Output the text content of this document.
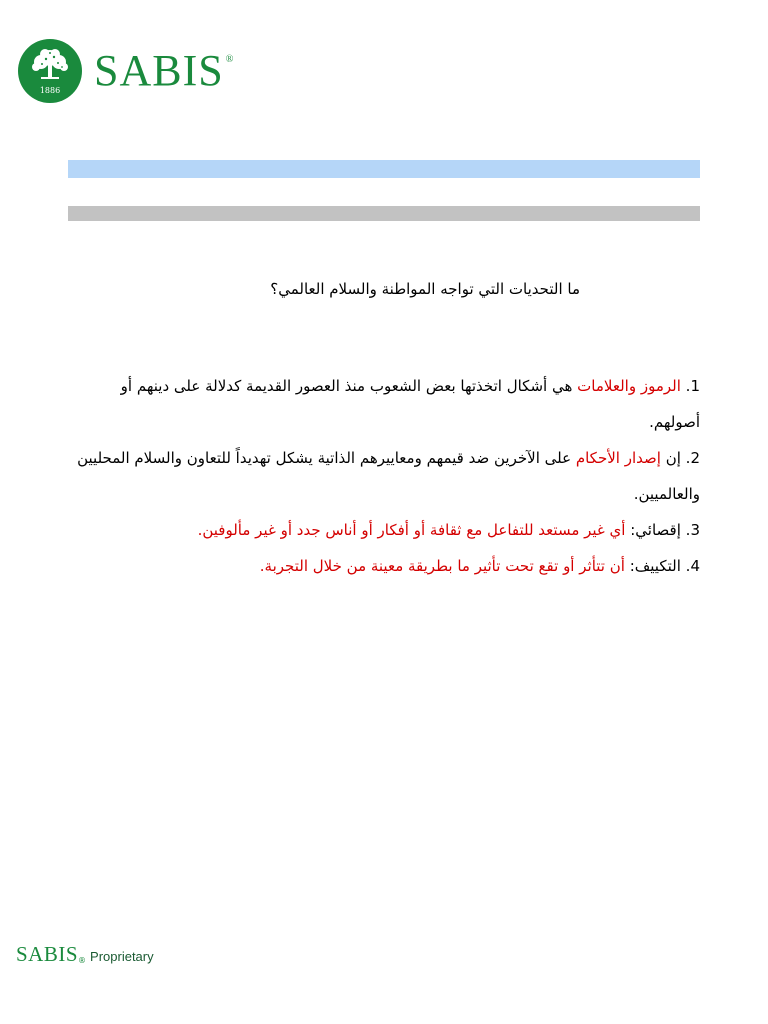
1886 SABIS ®
ما التحديات التي تواجه المواطنة والسلام العالمي؟

1. الرموز والعلامات هي أشكال اتخذتها بعض الشعوب منذ العصور القديمة كدلالة على دينهم أو أصولهم.

2. إن إصدار الأحكام على الآخرين ضد قيمهم ومعاييرهم الذاتية يشكل تهديداً للتعاون والسلام المحليين والعالميين.

3. إقصائي: أي غير مستعد للتفاعل مع ثقافة أو أفكار أو أناس جدد أو غير مألوفين.

4. التكييف: أن تتأثر أو تقع تحت تأثير ما بطريقة معينة من خلال التجربة.

SABIS® Proprietary
